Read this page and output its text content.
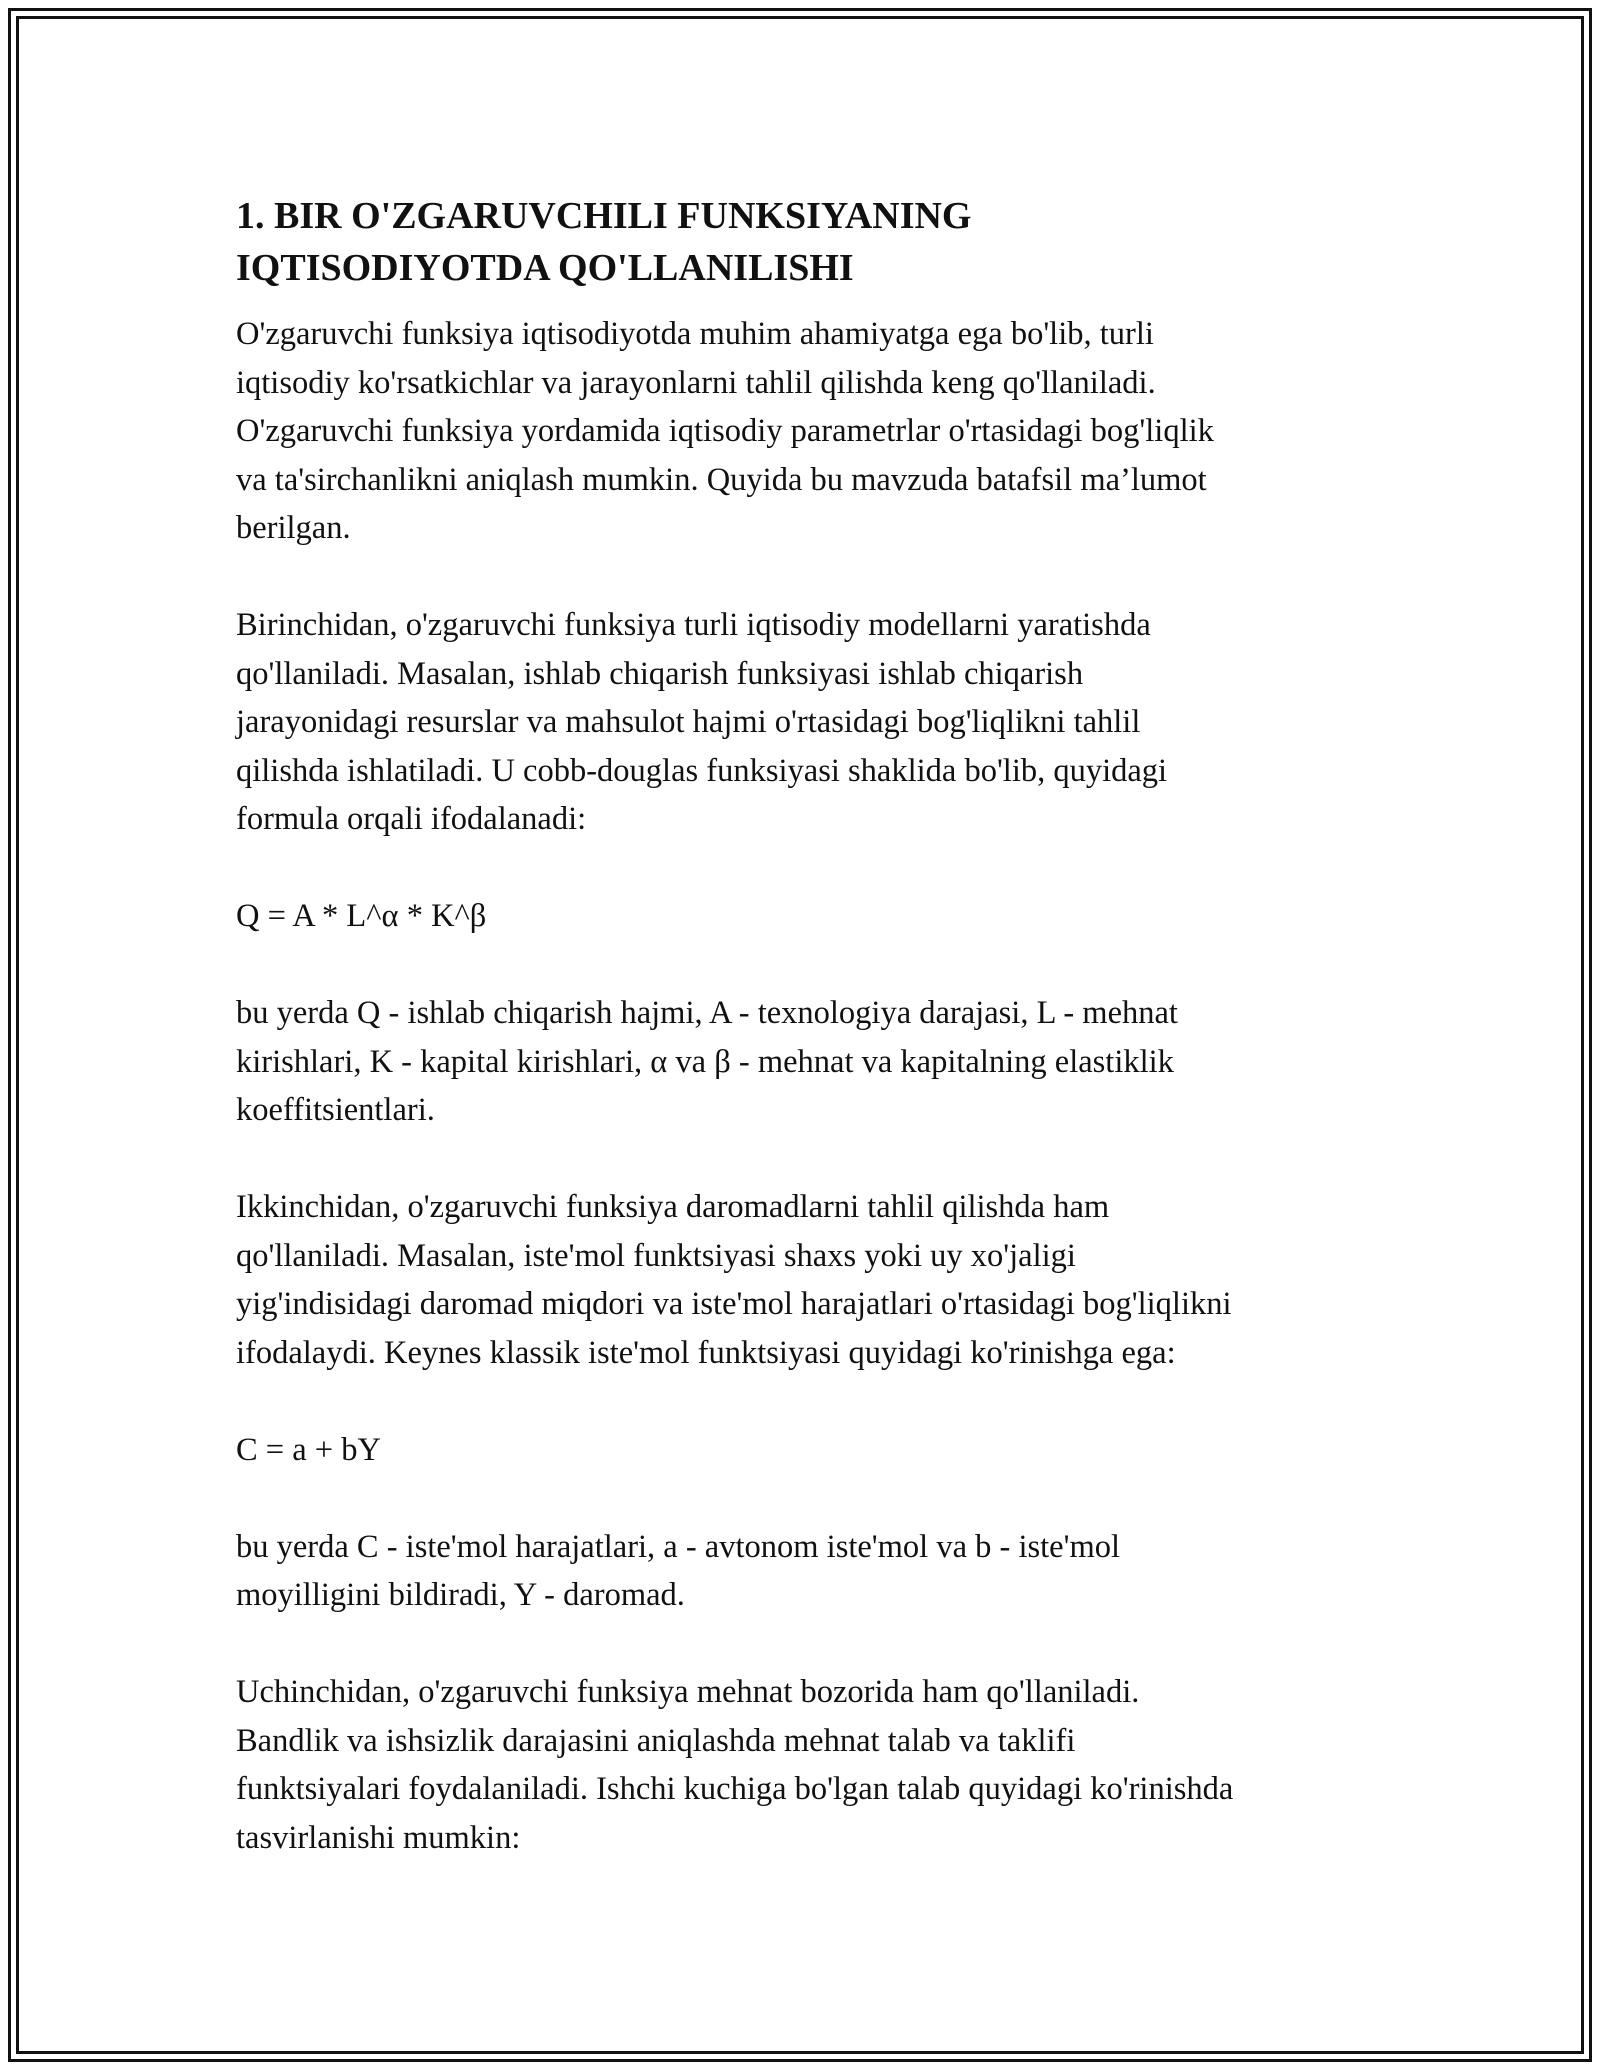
1. BIR O'ZGARUVCHILI FUNKSIYANING
IQTISODIYOTDA QO'LLANILISHI

O'zgaruvchi funksiya iqtisodiyotda muhim ahamiyatga ega bo'lib, turli
iqtisodiy ko'rsatkichlar va jarayonlarni tahlil qilishda keng qo'llaniladi.
O'zgaruvchi funksiya yordamida iqtisodiy parametrlar o'rtasidagi bog'liqlik
va ta'sirchanlikni aniqlash mumkin. Quyida bu mavzuda batafsil ma’lumot
berilgan.

Birinchidan, o'zgaruvchi funksiya turli iqtisodiy modellarni yaratishda
qo'llaniladi. Masalan, ishlab chiqarish funksiyasi ishlab chiqarish
jarayonidagi resurslar va mahsulot hajmi o'rtasidagi bog'liqlikni tahlil
qilishda ishlatiladi. U cobb-douglas funksiyasi shaklida bo'lib, quyidagi
formula orqali ifodalanadi:

Q = A * L^α * K^β

bu yerda Q - ishlab chiqarish hajmi, A - texnologiya darajasi, L - mehnat
kirishlari, K - kapital kirishlari, α va β - mehnat va kapitalning elastiklik
koeffitsientlari.

Ikkinchidan, o'zgaruvchi funksiya daromadlarni tahlil qilishda ham
qo'llaniladi. Masalan, iste'mol funktsiyasi shaxs yoki uy xo'jaligi
yig'indisidagi daromad miqdori va iste'mol harajatlari o'rtasidagi bog'liqlikni
ifodalaydi. Keynes klassik iste'mol funktsiyasi quyidagi ko'rinishga ega:

C = a + bY

bu yerda C - iste'mol harajatlari, a - avtonom iste'mol va b - iste'mol
moyilligini bildiradi, Y - daromad.

Uchinchidan, o'zgaruvchi funksiya mehnat bozorida ham qo'llaniladi.
Bandlik va ishsizlik darajasini aniqlashda mehnat talab va taklifi
funktsiyalari foydalaniladi. Ishchi kuchiga bo'lgan talab quyidagi ko'rinishda
tasvirlanishi mumkin:
